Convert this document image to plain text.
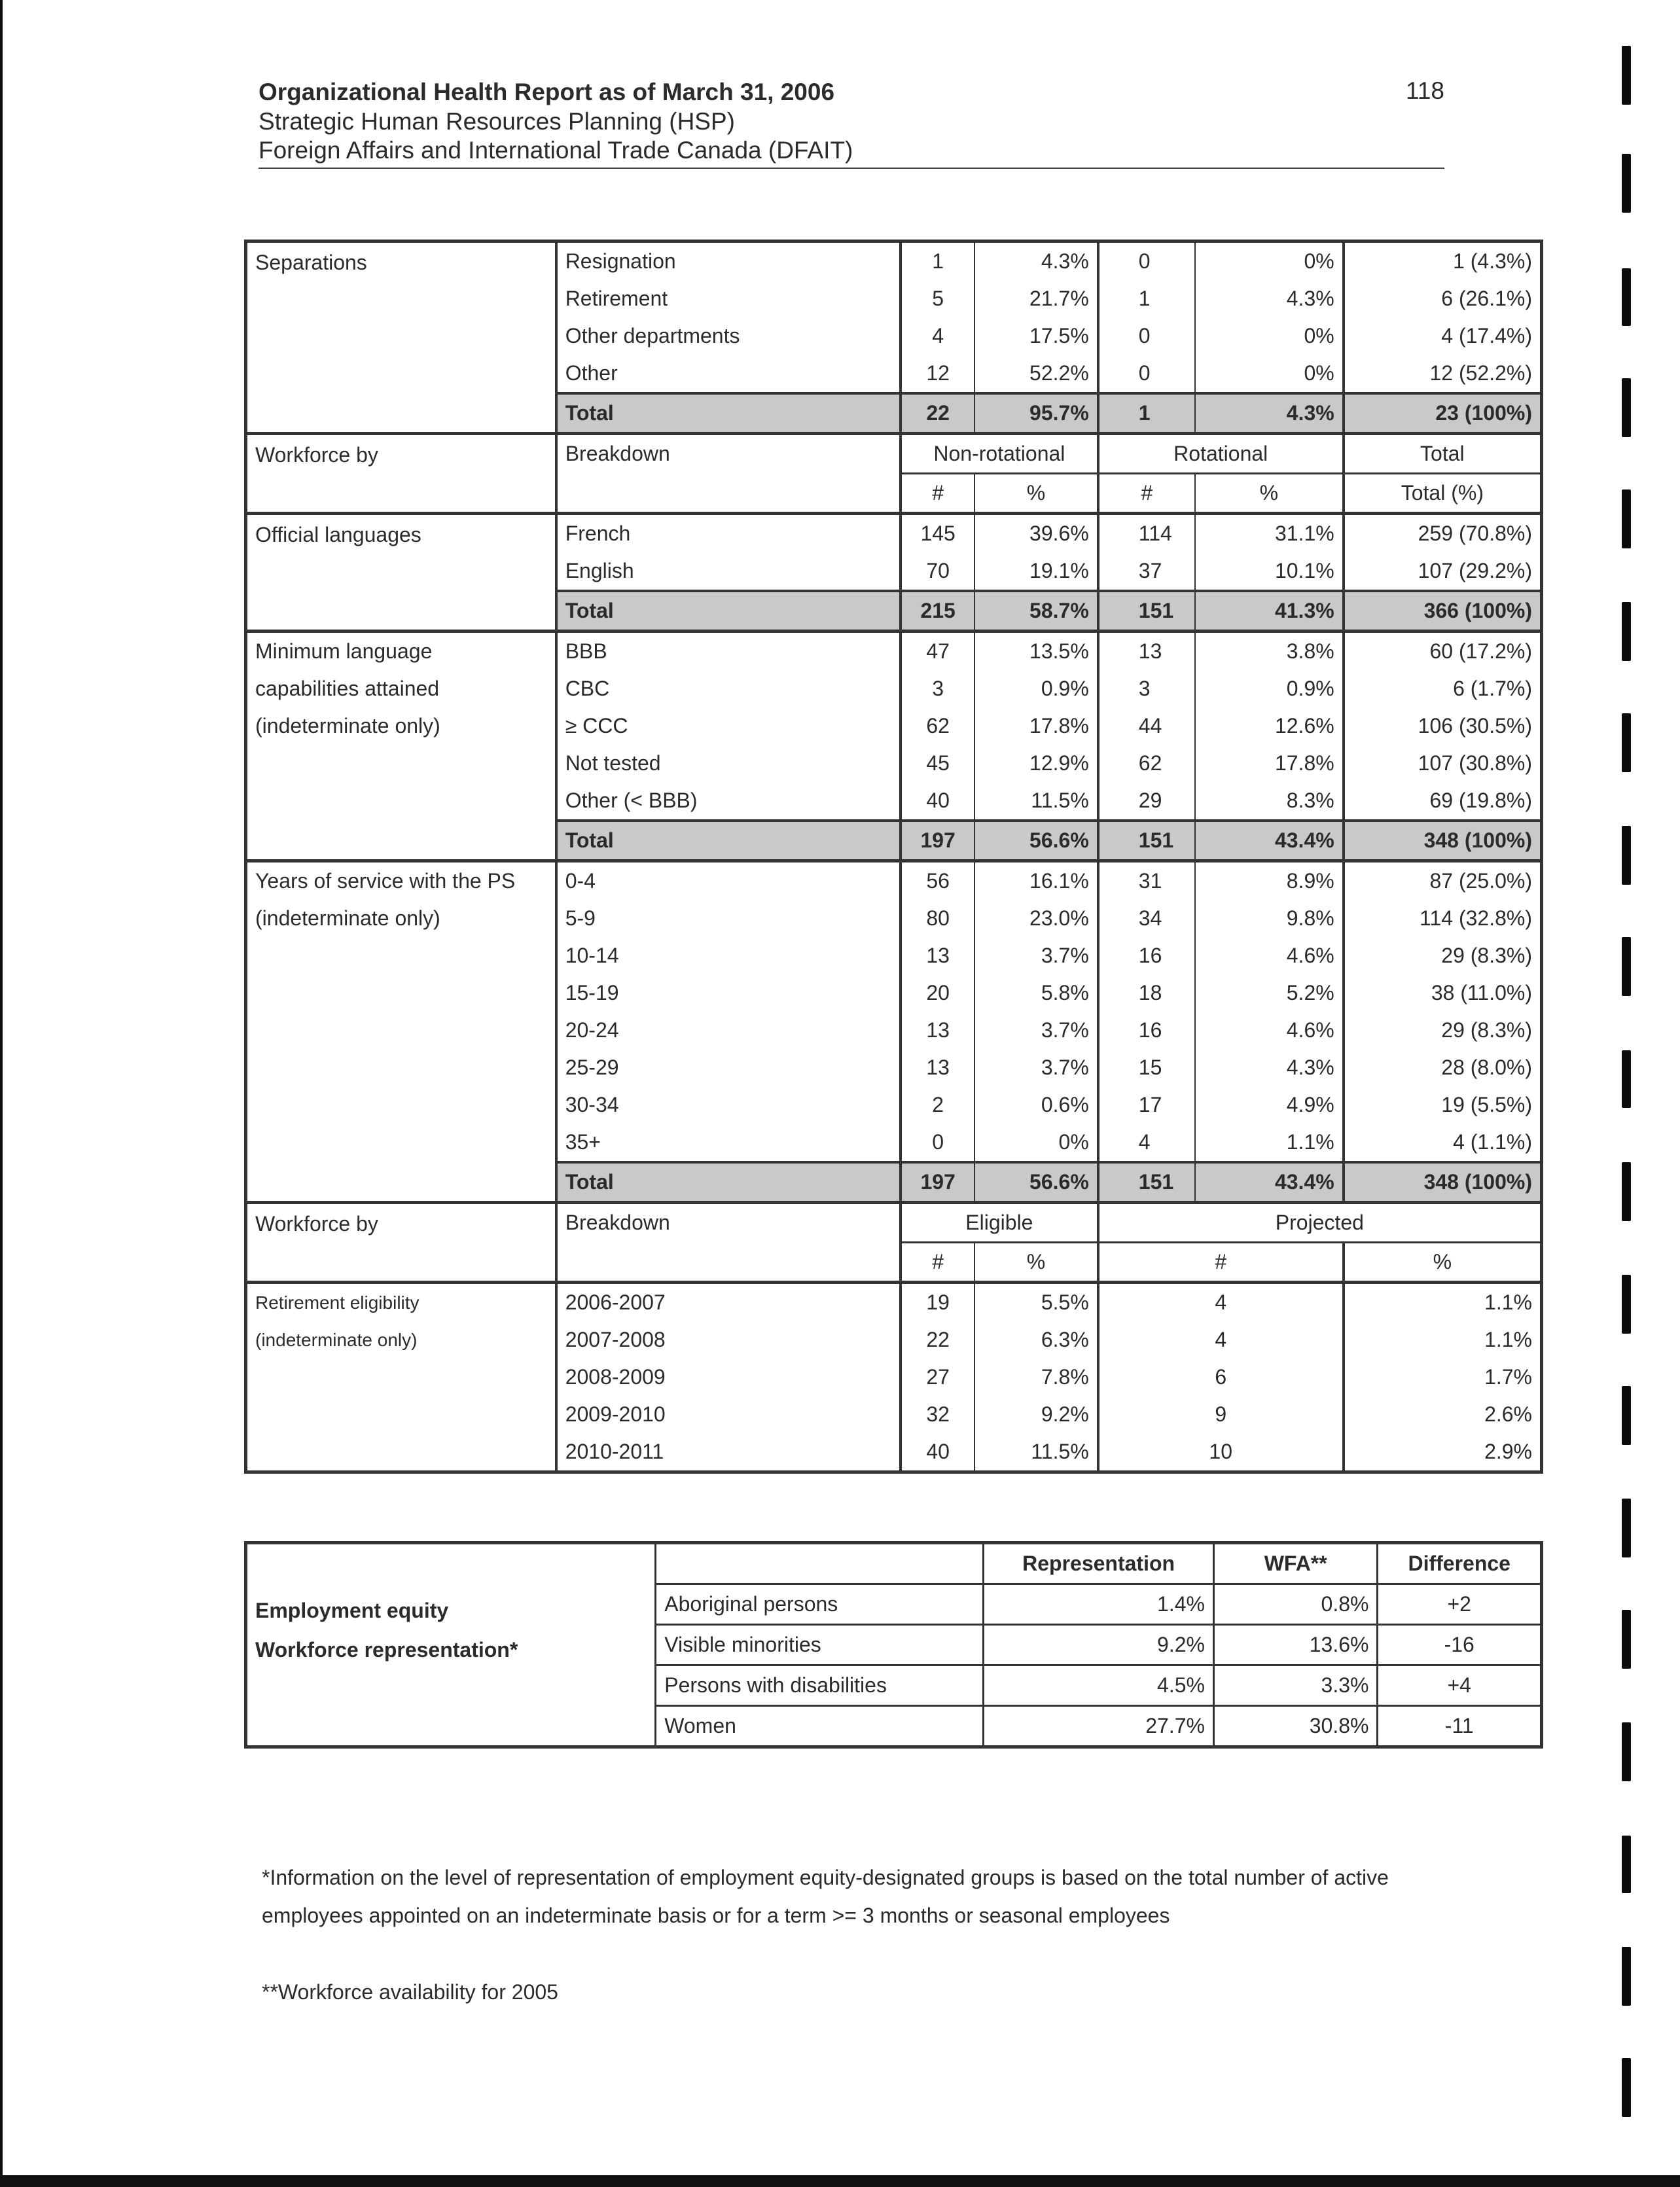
Organizational Health Report as of March 31, 2006
Strategic Human Resources Planning (HSP)
Foreign Affairs and International Trade Canada (DFAIT)
118
Separations	Resignation	1	4.3%	0	0%	1 (4.3%)
	Retirement	5	21.7%	1	4.3%	6 (26.1%)
	Other departments	4	17.5%	0	0%	4 (17.4%)
	Other	12	52.2%	0	0%	12 (52.2%)
	Total	22	95.7%	1	4.3%	23 (100%)
Workforce by	Breakdown	Non-rotational		Rotational		Total
		#	%	#	%	Total (%)

Official languages	French	145	39.6%	114	31.1%	259 (70.8%)
	English	70	19.1%	37	10.1%	107 (29.2%)
	Total	215	58.7%	151	41.3%	366 (100%)

Minimum language
capabilities attained
(indeterminate only)	BBB	47	13.5%	13	3.8%	60 (17.2%)
	CBC	3	0.9%	3	0.9%	6 (1.7%)
	≥ CCC	62	17.8%	44	12.6%	106 (30.5%)
	Not tested	45	12.9%	62	17.8%	107 (30.8%)
	Other (< BBB)	40	11.5%	29	8.3%	69 (19.8%)
	Total	197	56.6%	151	43.4%	348 (100%)

Years of service with the PS
(indeterminate only)	0-4	56	16.1%	31	8.9%	87 (25.0%)
	5-9	80	23.0%	34	9.8%	114 (32.8%)
	10-14	13	3.7%	16	4.6%	29 (8.3%)
	15-19	20	5.8%	18	5.2%	38 (11.0%)
	20-24	13	3.7%	16	4.6%	29 (8.3%)
	25-29	13	3.7%	15	4.3%	28 (8.0%)
	30-34	2	0.6%	17	4.9%	19 (5.5%)
	35+	0	0%	4	1.1%	4 (1.1%)
	Total	197	56.6%	151	43.4%	348 (100%)
Workforce by	Breakdown	Eligible		Projected		
		#	%	#		%

Retirement eligibility
(indeterminate only)	2006-2007	19	5.5%	4		1.1%
	2007-2008	22	6.3%	4		1.1%
	2008-2009	27	7.8%	6		1.7%
	2009-2010	32	9.2%	9		2.6%
	2010-2011	40	11.5%	10		2.9%
		Representation	WFA**	Difference

Employment equity
Workforce representation*	Aboriginal persons	1.4%	0.8%	+2
	Visible minorities	9.2%	13.6%	-16
	Persons with disabilities	4.5%	3.3%	+4
	Women	27.7%	30.8%	-11
*Information on the level of representation of employment equity-designated groups is based on the total number of active
employees appointed on an indeterminate basis or for a term >= 3 months or seasonal employees
**Workforce availability for 2005
